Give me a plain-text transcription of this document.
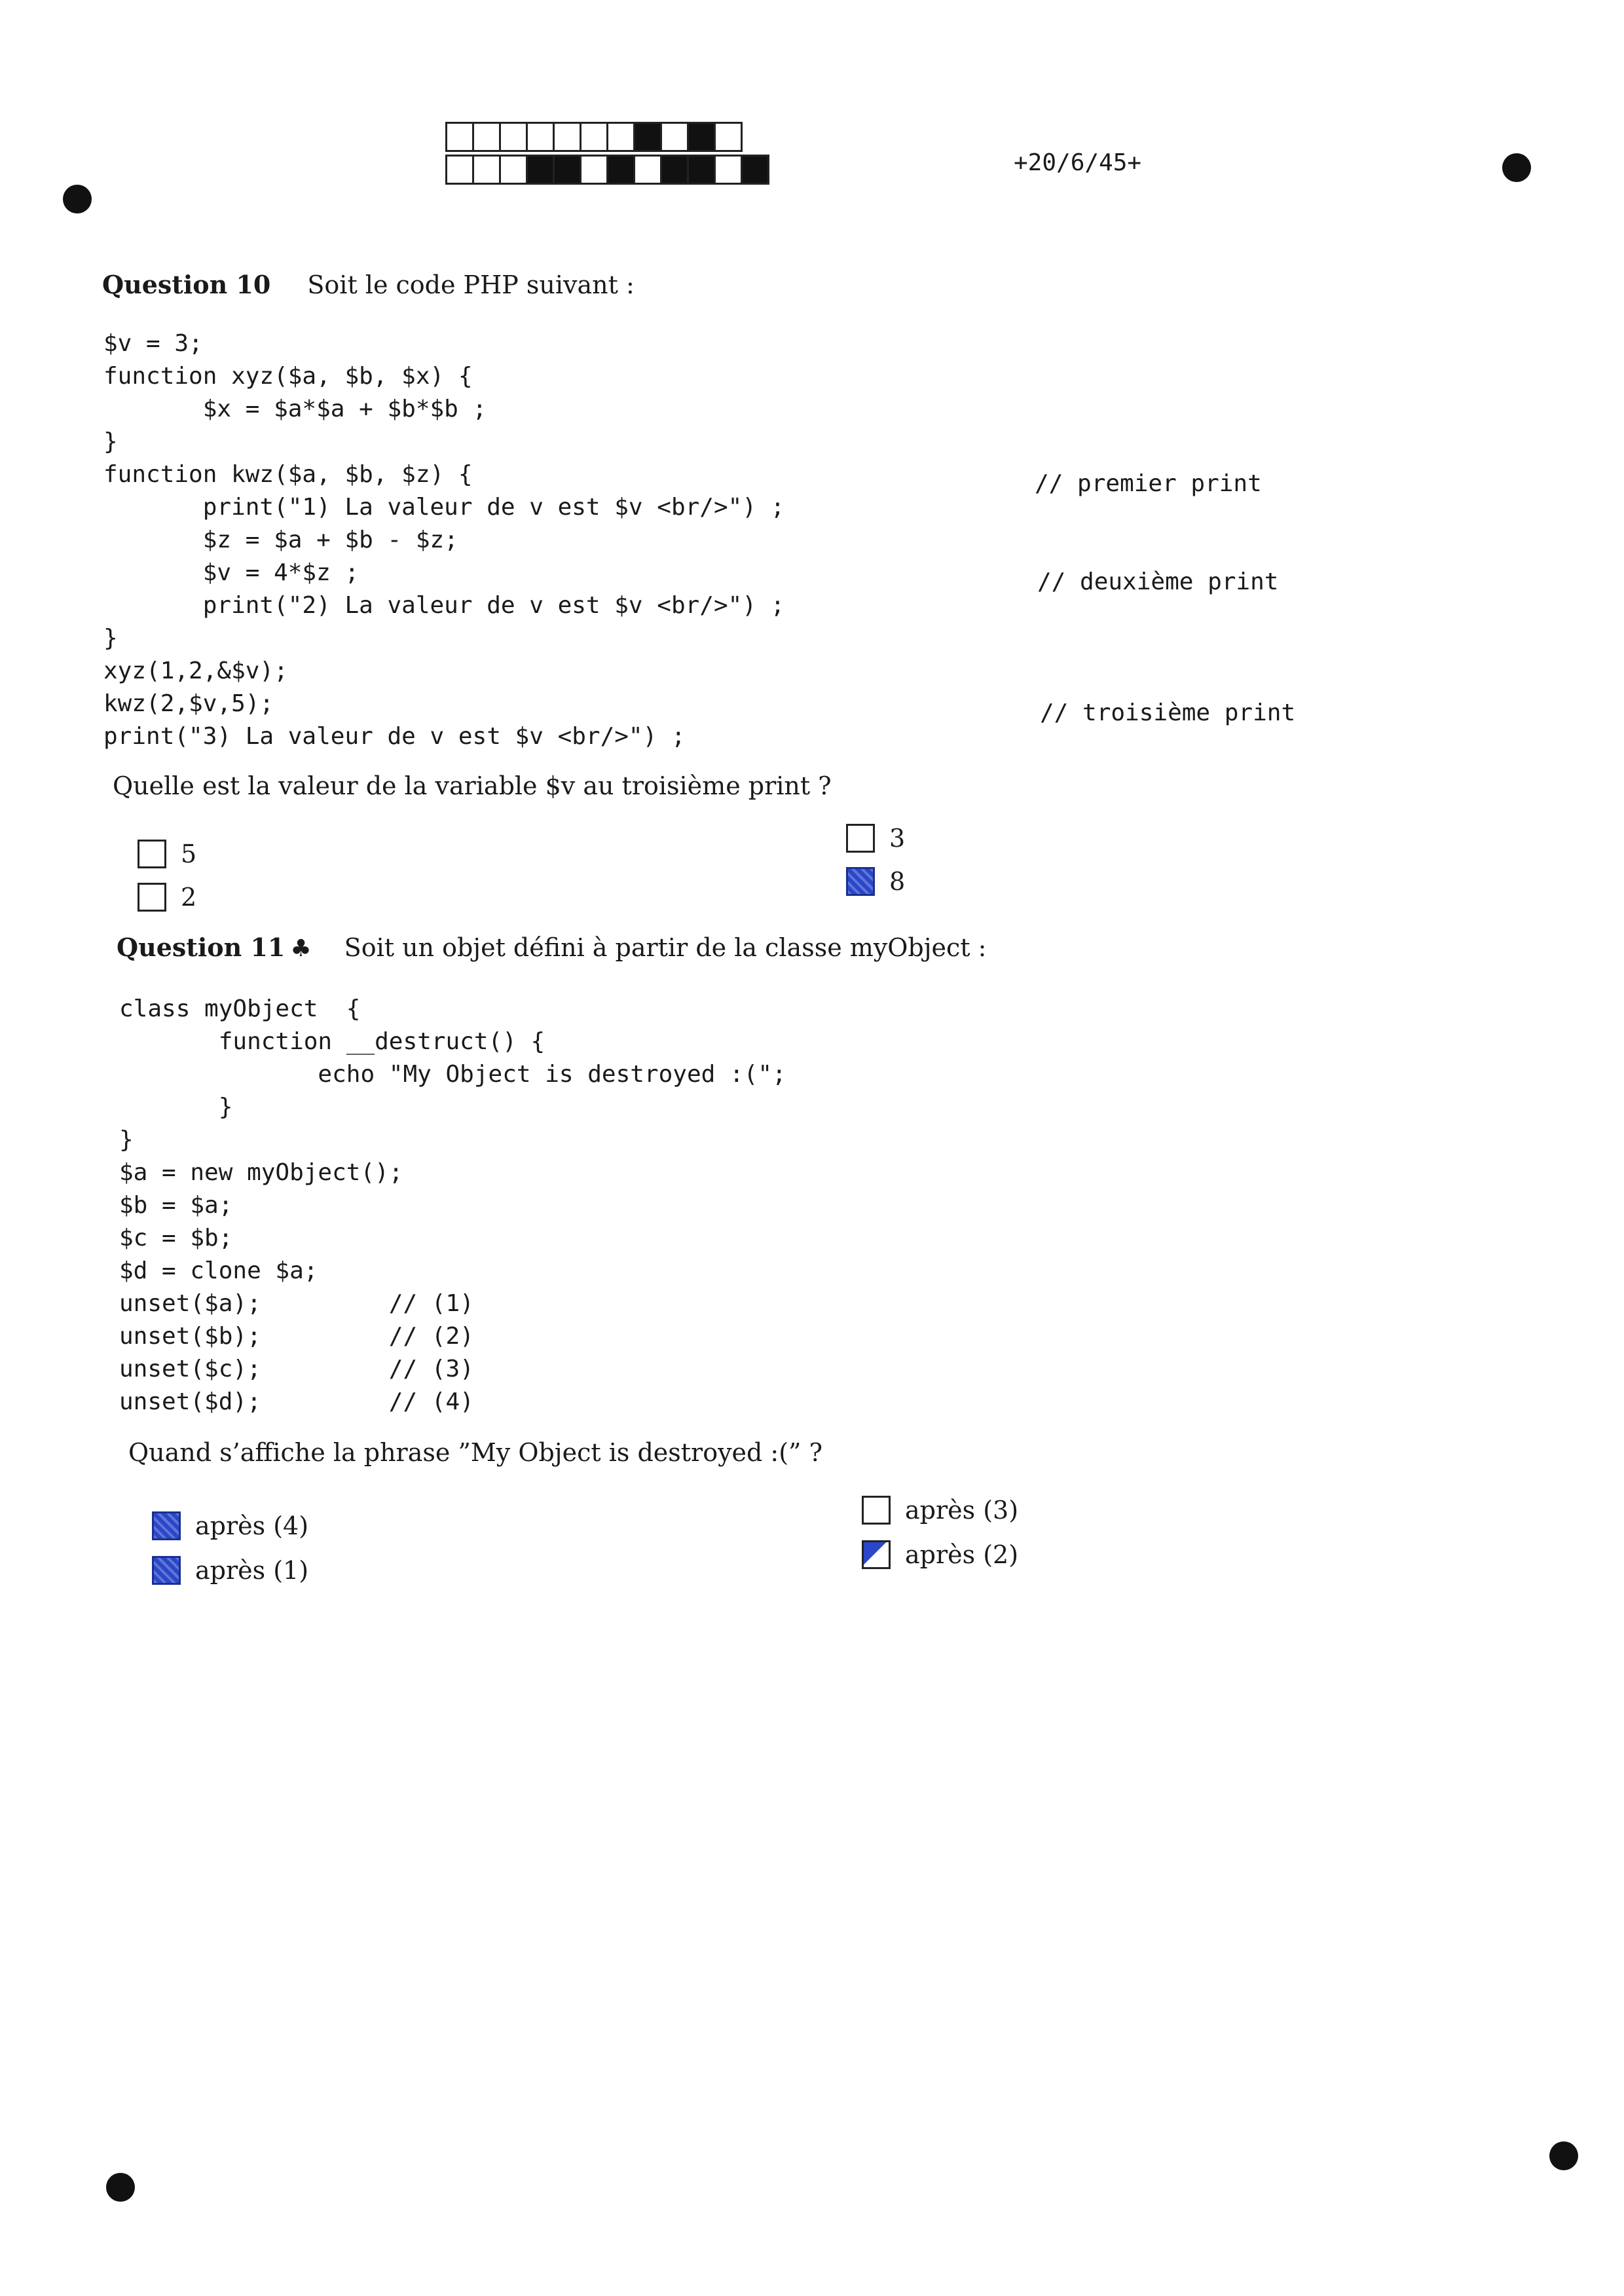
+20/6/45+
Question 10 Soit le code PHP suivant :
$v = 3;
function xyz($a, $b, $x) {
$x = $a*$a + $b*$b ;
}
function kwz($a, $b, $z) {
print("1) La valeur de v est $v <br/>") ;
$z = $a + $b - $z;
$v = 4*$z ;
print("2) La valeur de v est $v <br/>") ;
}
xyz(1,2,&$v);
kwz(2,$v,5);
print("3) La valeur de v est $v <br/>") ;
// premier print
// deuxième print
// troisième print
Quelle est la valeur de la variable $v au troisième print ?
5
2
3
8
Question 11 ♣ Soit un objet défini à partir de la classe myObject :
class myObject  {
function __destruct() {
echo "My Object is destroyed :(";
}
}
$a = new myObject();
$b = $a;
$c = $b;
$d = clone $a;
unset($a);         // (1)
unset($b);         // (2)
unset($c);         // (3)
unset($d);         // (4)
Quand s’affiche la phrase ”My Object is destroyed :(” ?
après (4)
après (1)
après (3)
après (2)
